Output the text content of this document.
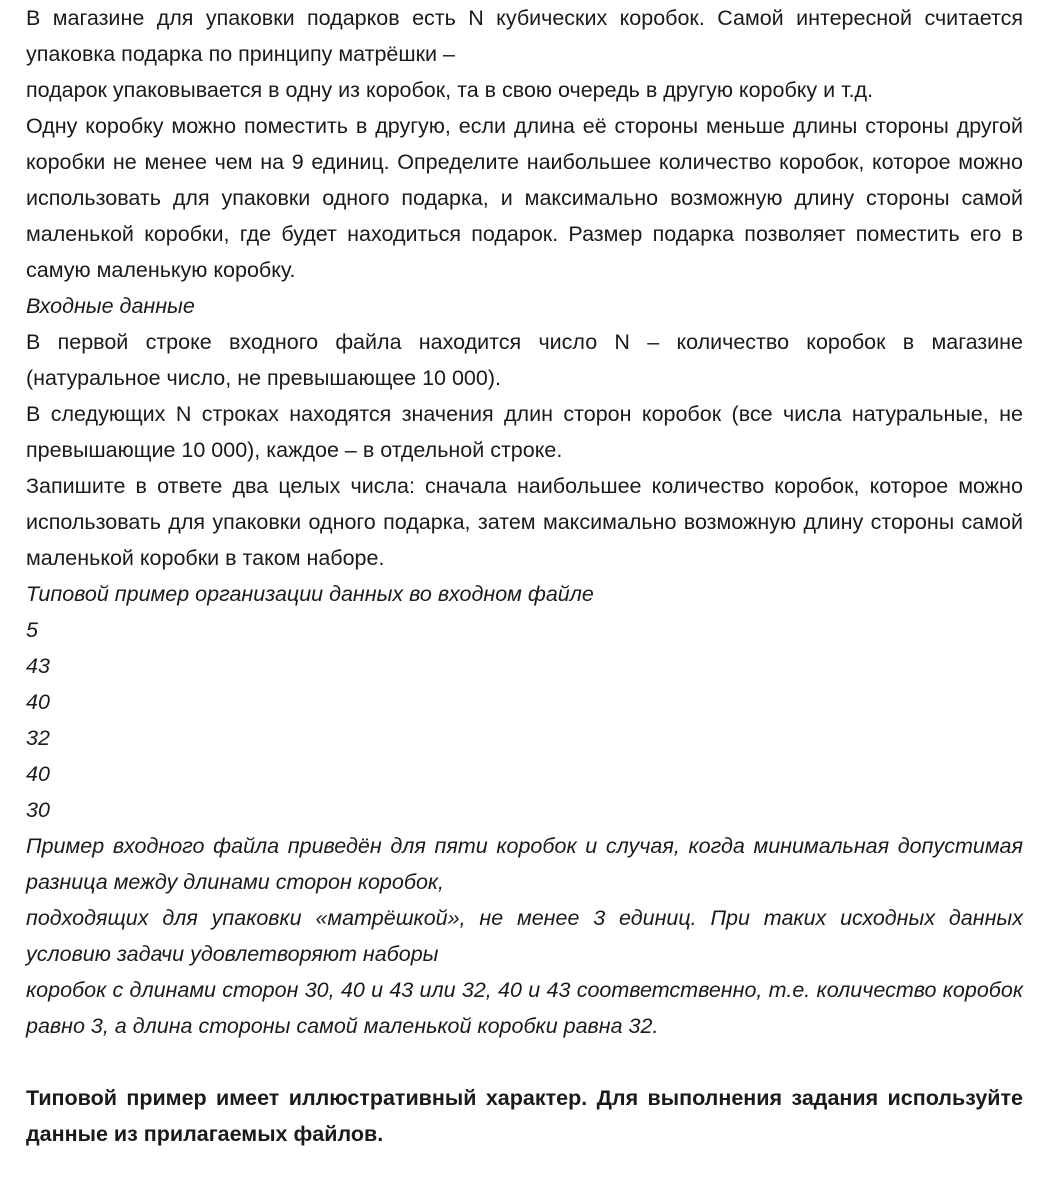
В магазине для упаковки подарков есть N кубических коробок. Самой интересной считается упаковка подарка по принципу матрёшки –

подарок упаковывается в одну из коробок, та в свою очередь в другую коробку и т.д.

Одну коробку можно поместить в другую, если длина её стороны меньше длины стороны другой коробки не менее чем на 9 единиц. Определите наибольшее количество коробок, которое можно использовать для упаковки одного подарка, и максимально возможную длину стороны самой маленькой коробки, где будет находиться подарок. Размер подарка позволяет поместить его в самую маленькую коробку.

Входные данные

В первой строке входного файла находится число N – количество коробок в магазине (натуральное число, не превышающее 10 000).

В следующих N строках находятся значения длин сторон коробок (все числа натуральные, не превышающие 10 000), каждое – в отдельной строке.

Запишите в ответе два целых числа: сначала наибольшее количество коробок, которое можно использовать для упаковки одного подарка, затем максимально возможную длину стороны самой маленькой коробки в таком наборе.

Типовой пример организации данных во входном файле

5

43

40

32

40

30

Пример входного файла приведён для пяти коробок и случая, когда минимальная допустимая разница между длинами сторон коробок,

подходящих для упаковки «матрёшкой», не менее 3 единиц. При таких исходных данных условию задачи удовлетворяют наборы

коробок с длинами сторон 30, 40 и 43 или 32, 40 и 43 соответственно, т.е. количество коробок равно 3, а длина стороны самой маленькой коробки равна 32.

Типовой пример имеет иллюстративный характер. Для выполнения задания используйте данные из прилагаемых файлов.
